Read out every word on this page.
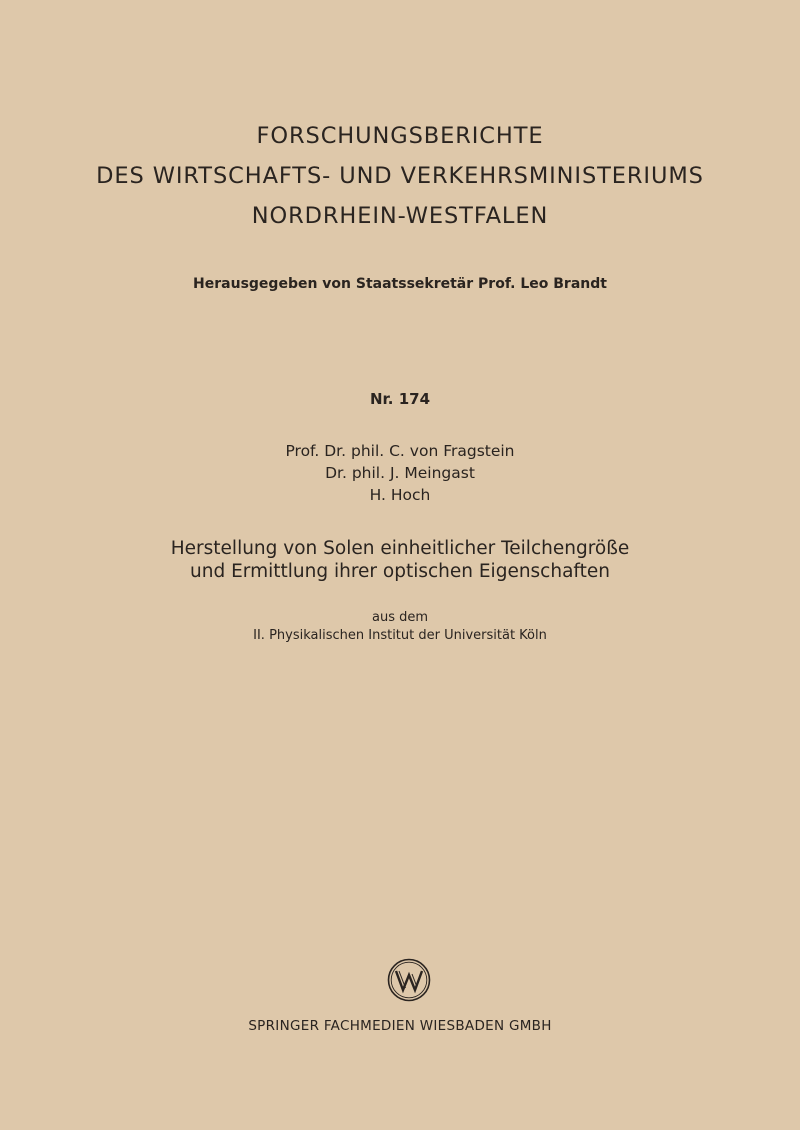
FORSCHUNGSBERICHTE
DES WIRTSCHAFTS- UND VERKEHRSMINISTERIUMS
NORDRHEIN-WESTFALEN
Herausgegeben von Staatssekretär Prof. Leo Brandt
Nr. 174
Prof. Dr. phil. C. von Fragstein
Dr. phil. J. Meingast
H. Hoch
Herstellung von Solen einheitlicher Teilchengröße
und Ermittlung ihrer optischen Eigenschaften
aus dem
II. Physikalischen Institut der Universität Köln
SPRINGER FACHMEDIEN WIESBADEN GMBH
